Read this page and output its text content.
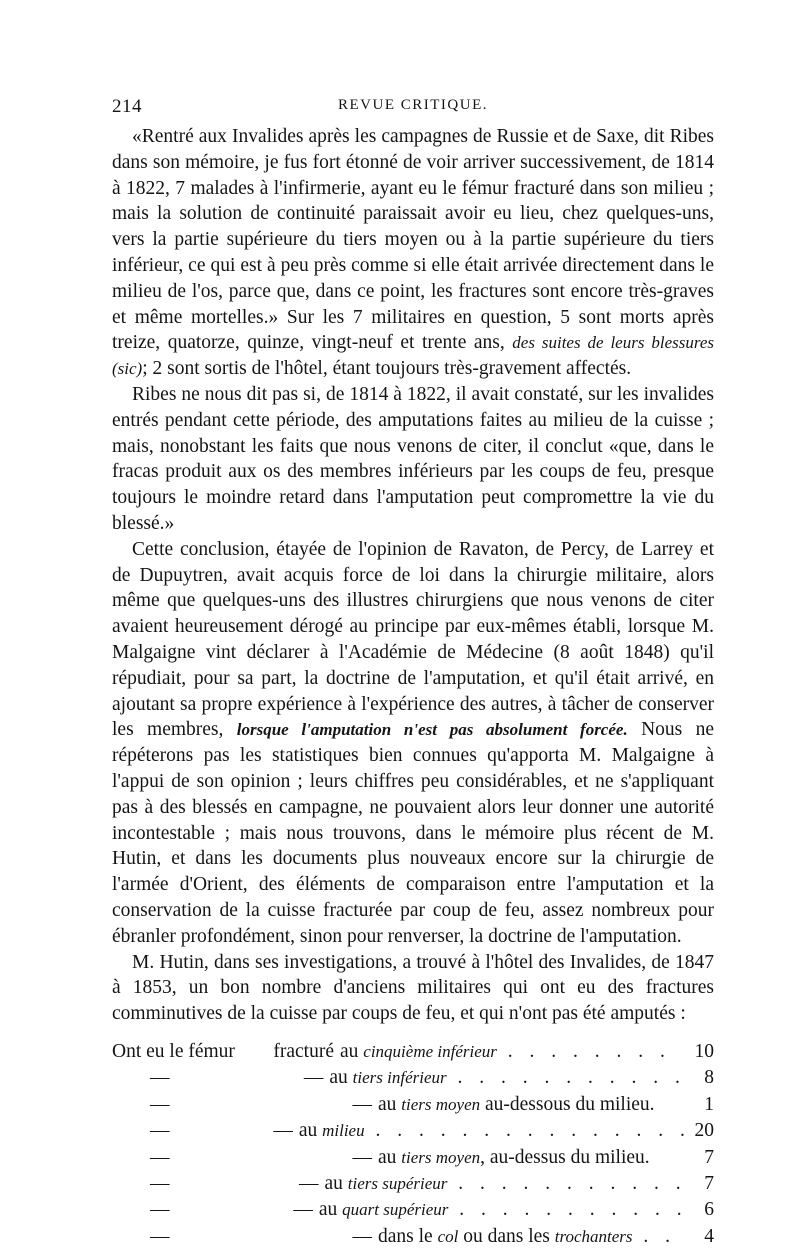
214	REVUE CRITIQUE.

«Rentré aux Invalides après les campagnes de Russie et de Saxe, dit Ribes dans son mémoire, je fus fort étonné de voir arriver successivement, de 1814 à 1822, 7 malades à l'infirmerie, ayant eu le fémur fracturé dans son milieu ; mais la solution de continuité paraissait avoir eu lieu, chez quelques-uns, vers la partie supérieure du tiers moyen ou à la partie supérieure du tiers inférieur, ce qui est à peu près comme si elle était arrivée directement dans le milieu de l'os, parce que, dans ce point, les fractures sont encore très-graves et même mortelles.» Sur les 7 militaires en question, 5 sont morts après treize, quatorze, quinze, vingt-neuf et trente ans, des suites de leurs blessures (sic); 2 sont sortis de l'hôtel, étant toujours très-gravement affectés.

Ribes ne nous dit pas si, de 1814 à 1822, il avait constaté, sur les invalides entrés pendant cette période, des amputations faites au milieu de la cuisse ; mais, nonobstant les faits que nous venons de citer, il conclut «que, dans le fracas produit aux os des membres inférieurs par les coups de feu, presque toujours le moindre retard dans l'amputation peut compromettre la vie du blessé.»

Cette conclusion, étayée de l'opinion de Ravaton, de Percy, de Larrey et de Dupuytren, avait acquis force de loi dans la chirurgie militaire, alors même que quelques-uns des illustres chirurgiens que nous venons de citer avaient heureusement dérogé au principe par eux-mêmes établi, lorsque M. Malgaigne vint déclarer à l'Académie de Médecine (8 août 1848) qu'il répudiait, pour sa part, la doctrine de l'amputation, et qu'il était arrivé, en ajoutant sa propre expérience à l'expérience des autres, à tâcher de conserver les membres, lorsque l'amputation n'est pas absolument forcée. Nous ne répéterons pas les statistiques bien connues qu'apporta M. Malgaigne à l'appui de son opinion ; leurs chiffres peu considérables, et ne s'appliquant pas à des blessés en campagne, ne pouvaient alors leur donner une autorité incontestable ; mais nous trouvons, dans le mémoire plus récent de M. Hutin, et dans les documents plus nouveaux encore sur la chirurgie de l'armée d'Orient, des éléments de comparaison entre l'amputation et la conservation de la cuisse fracturée par coup de feu, assez nombreux pour ébranler profondément, sinon pour renverser, la doctrine de l'amputation.

M. Hutin, dans ses investigations, a trouvé à l'hôtel des Invalides, de 1847 à 1853, un bon nombre d'anciens militaires qui ont eu des fractures comminutives de la cuisse par coups de feu, et qui n'ont pas été amputés :

Ont eu le fémur	fracturé au cinquième inférieur . . . . . . . .	10
—	— au tiers inférieur . . . . . . . . . . . 8
—	— au tiers moyen au-dessous du milieu.	1
—	— au milieu . . . . . . . . . . . . . . . 20
—	— au tiers moyen, au-dessus du milieu.	7
—	— au tiers supérieur . . . . . . . . . . . 7
—	— au quart supérieur . . . . . . . . . . . 6
—	— dans le col ou dans les trochanters . .	4
